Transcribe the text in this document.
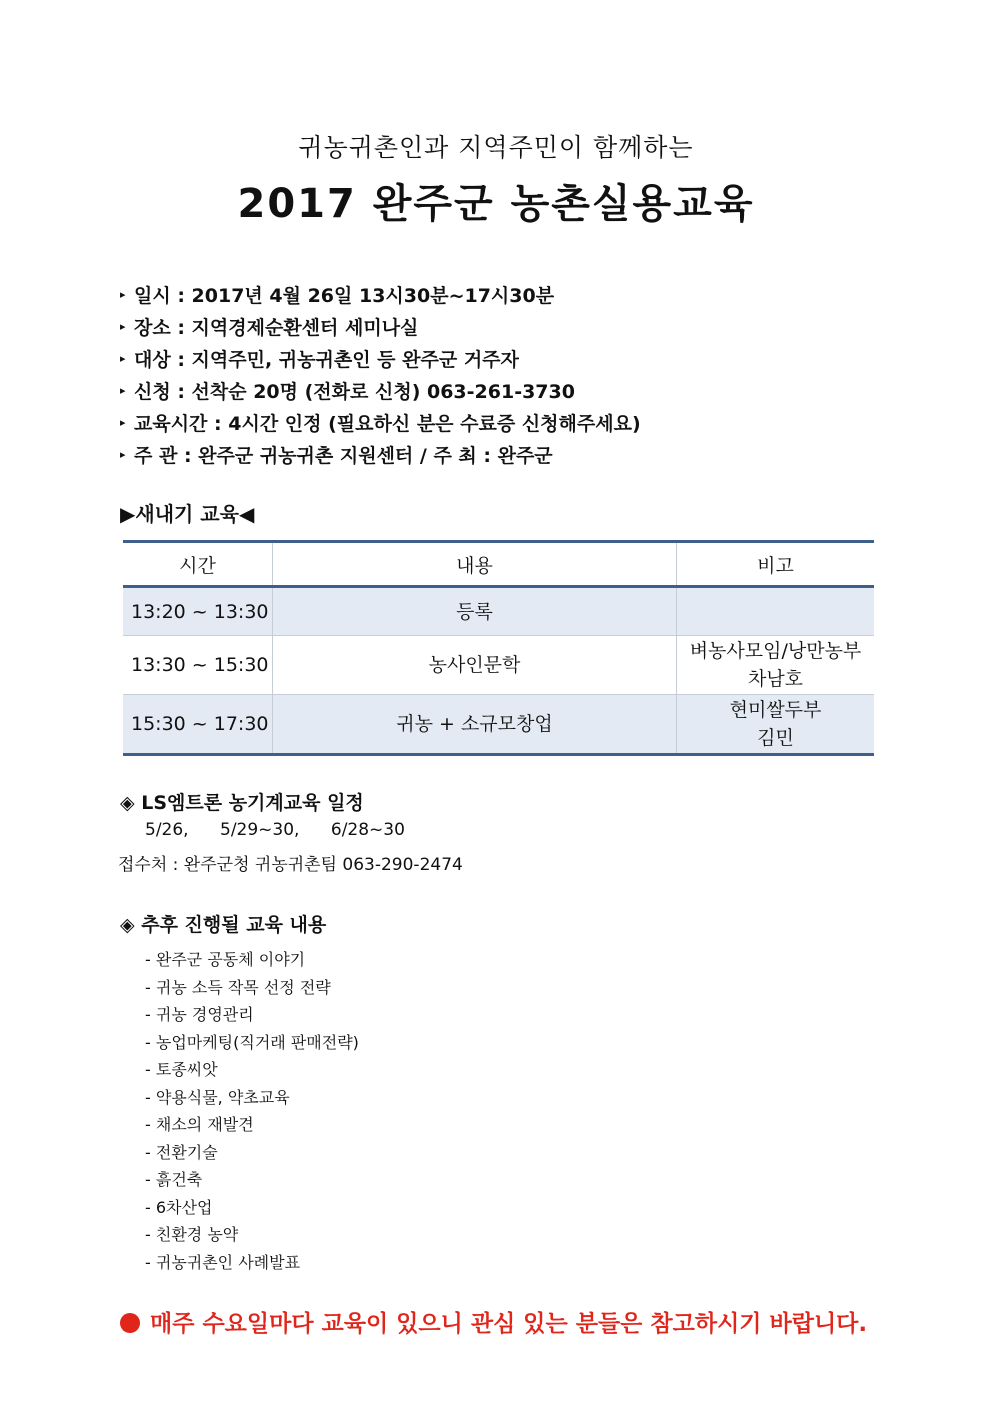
귀농귀촌인과 지역주민이 함께하는
2017 완주군 농촌실용교육
▸ 일시 : 2017년 4월 26일 13시30분~17시30분
▸ 장소 : 지역경제순환센터 세미나실
▸ 대상 : 지역주민, 귀농귀촌인 등 완주군 거주자
▸ 신청 : 선착순 20명 (전화로 신청) 063-261-3730
▸ 교육시간 : 4시간 인정 (필요하신 분은 수료증 신청해주세요)
▸ 주 관 : 완주군 귀농귀촌 지원센터 / 주 최 : 완주군
▶새내기 교육◀
시간	내용	비고
13:20 ~ 13:30	등록	

13:30 ~ 15:30	농사인문학	벼농사모임/낭만농부
차남호

15:30 ~ 17:30	귀농 + 소규모창업	현미쌀두부
김민
◈ LS엠트론 농기계교육 일정
5/26, 5/29~30, 6/28~30
접수처 : 완주군청 귀농귀촌팀 063-290-2474
◈ 추후 진행될 교육 내용
- 완주군 공동체 이야기
- 귀농 소득 작목 선정 전략
- 귀농 경영관리
- 농업마케팅(직거래 판매전략)
- 토종씨앗
- 약용식물, 약초교육
- 채소의 재발견
- 전환기술
- 흙건축
- 6차산업
- 친환경 농약
- 귀농귀촌인 사례발표
매주 수요일마다 교육이 있으니 관심 있는 분들은 참고하시기 바랍니다.
